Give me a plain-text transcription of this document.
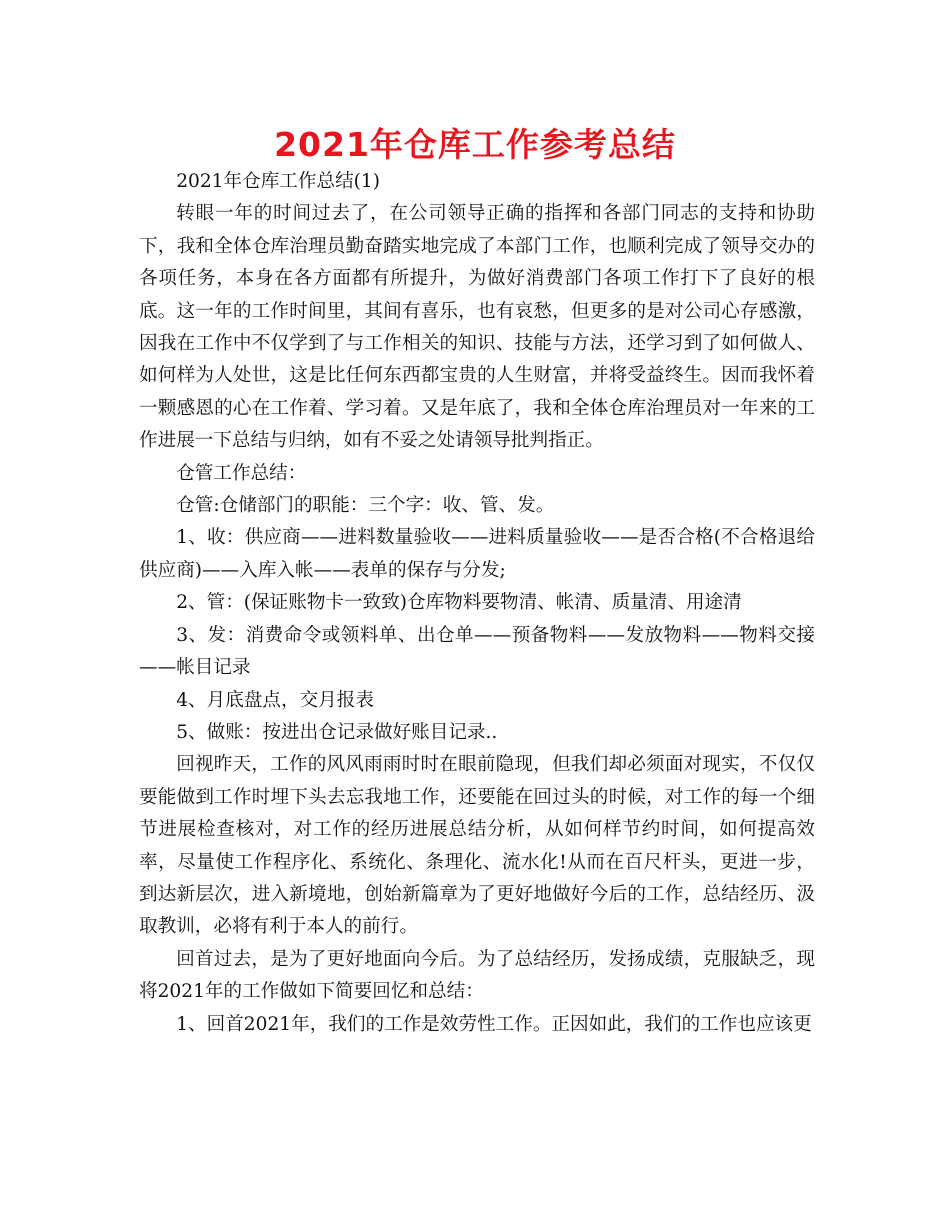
2021年仓库工作参考总结

2021年仓库工作总结(1)

转眼一年的时间过去了，在公司领导正确的指挥和各部门同志的支持和协助下，我和全体仓库治理员勤奋踏实地完成了本部门工作，也顺利完成了领导交办的各项任务，本身在各方面都有所提升，为做好消费部门各项工作打下了良好的根底。这一年的工作时间里，其间有喜乐，也有哀愁，但更多的是对公司心存感激，因我在工作中不仅学到了与工作相关的知识、技能与方法，还学习到了如何做人、如何样为人处世，这是比任何东西都宝贵的人生财富，并将受益终生。因而我怀着一颗感恩的心在工作着、学习着。又是年底了，我和全体仓库治理员对一年来的工作进展一下总结与归纳，如有不妥之处请领导批判指正。

仓管工作总结：

仓管:仓储部门的职能：三个字：收、管、发。

1、收：供应商——进料数量验收——进料质量验收——是否合格(不合格退给供应商)——入库入帐——表单的保存与分发;

2、管：(保证账物卡一致致)仓库物料要物清、帐清、质量清、用途清

3、发：消费命令或领料单、出仓单——预备物料——发放物料——物料交接——帐目记录

4、月底盘点，交月报表

5、做账：按进出仓记录做好账目记录..

回视昨天，工作的风风雨雨时时在眼前隐现，但我们却必须面对现实，不仅仅要能做到工作时埋下头去忘我地工作，还要能在回过头的时候，对工作的每一个细节进展检查核对，对工作的经历进展总结分析，从如何样节约时间，如何提高效率，尽量使工作程序化、系统化、条理化、流水化!从而在百尺杆头，更进一步，到达新层次，进入新境地，创始新篇章为了更好地做好今后的工作，总结经历、汲取教训，必将有利于本人的前行。

回首过去，是为了更好地面向今后。为了总结经历，发扬成绩，克服缺乏，现将2021年的工作做如下简要回忆和总结：

1、回首2021年，我们的工作是效劳性工作。正因如此，我们的工作也应该更
